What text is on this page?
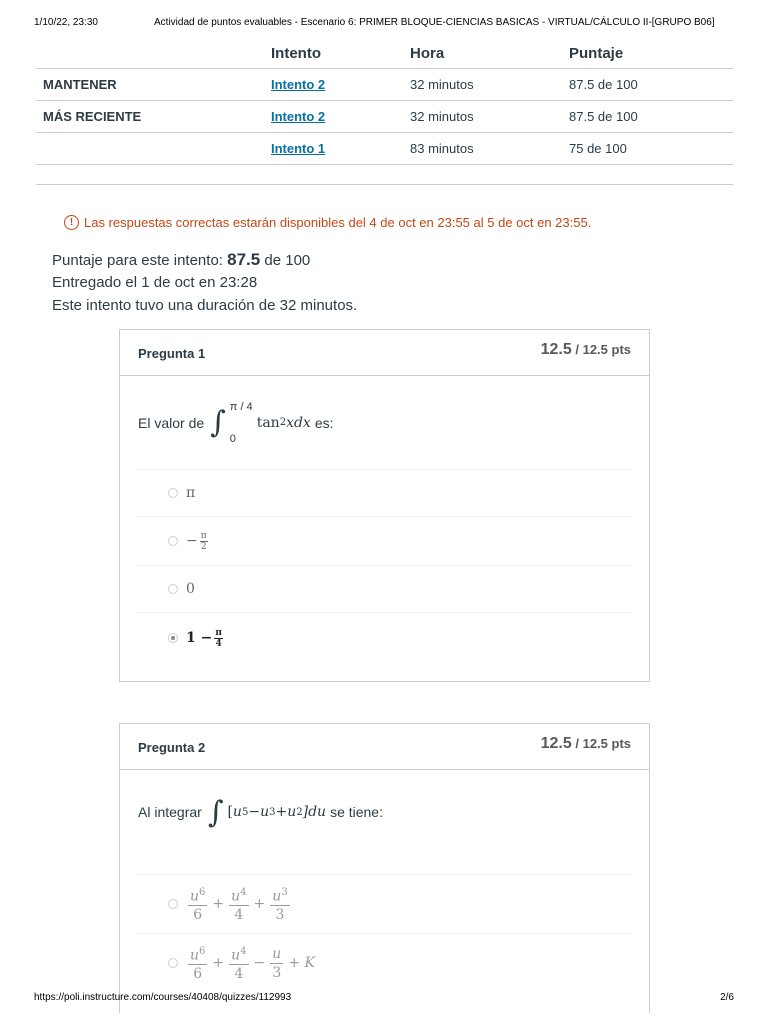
1/10/22, 23:30	Actividad de puntos evaluables - Escenario 6: PRIMER BLOQUE-CIENCIAS BASICAS - VIRTUAL/CÁLCULO II-[GRUPO B06]
	Intento	Hora	Puntaje
MANTENER	Intento 2	32 minutos	87.5 de 100
MÁS RECIENTE	Intento 2	32 minutos	87.5 de 100
	Intento 1	83 minutos	75 de 100
! Las respuestas correctas estarán disponibles del 4 de oct en 23:55 al 5 de oct en 23:55.
Puntaje para este intento: 87.5 de 100
Entregado el 1 de oct en 23:28
Este intento tuvo una duración de 32 minutos.
Pregunta 1	12.5 / 12.5 pts
El valor de ∫ π / 4
0
tan 2 xdx es:
π
− $\frac{\pi}{2}$
0
$1 - \frac{\pi}{4}$
Pregunta 2	12.5 / 12.5 pts
Al integrar ∫ [ u 5 − u 3 + u 2 ]du se tiene:
$\frac{u^6}{6} + \frac{u^4}{4} + \frac{u^3}{3}$
$\frac{u^6}{6} + \frac{u^4}{4} - \frac{u}{3} + K$
https://poli.instructure.com/courses/40408/quizzes/112993	2/6
